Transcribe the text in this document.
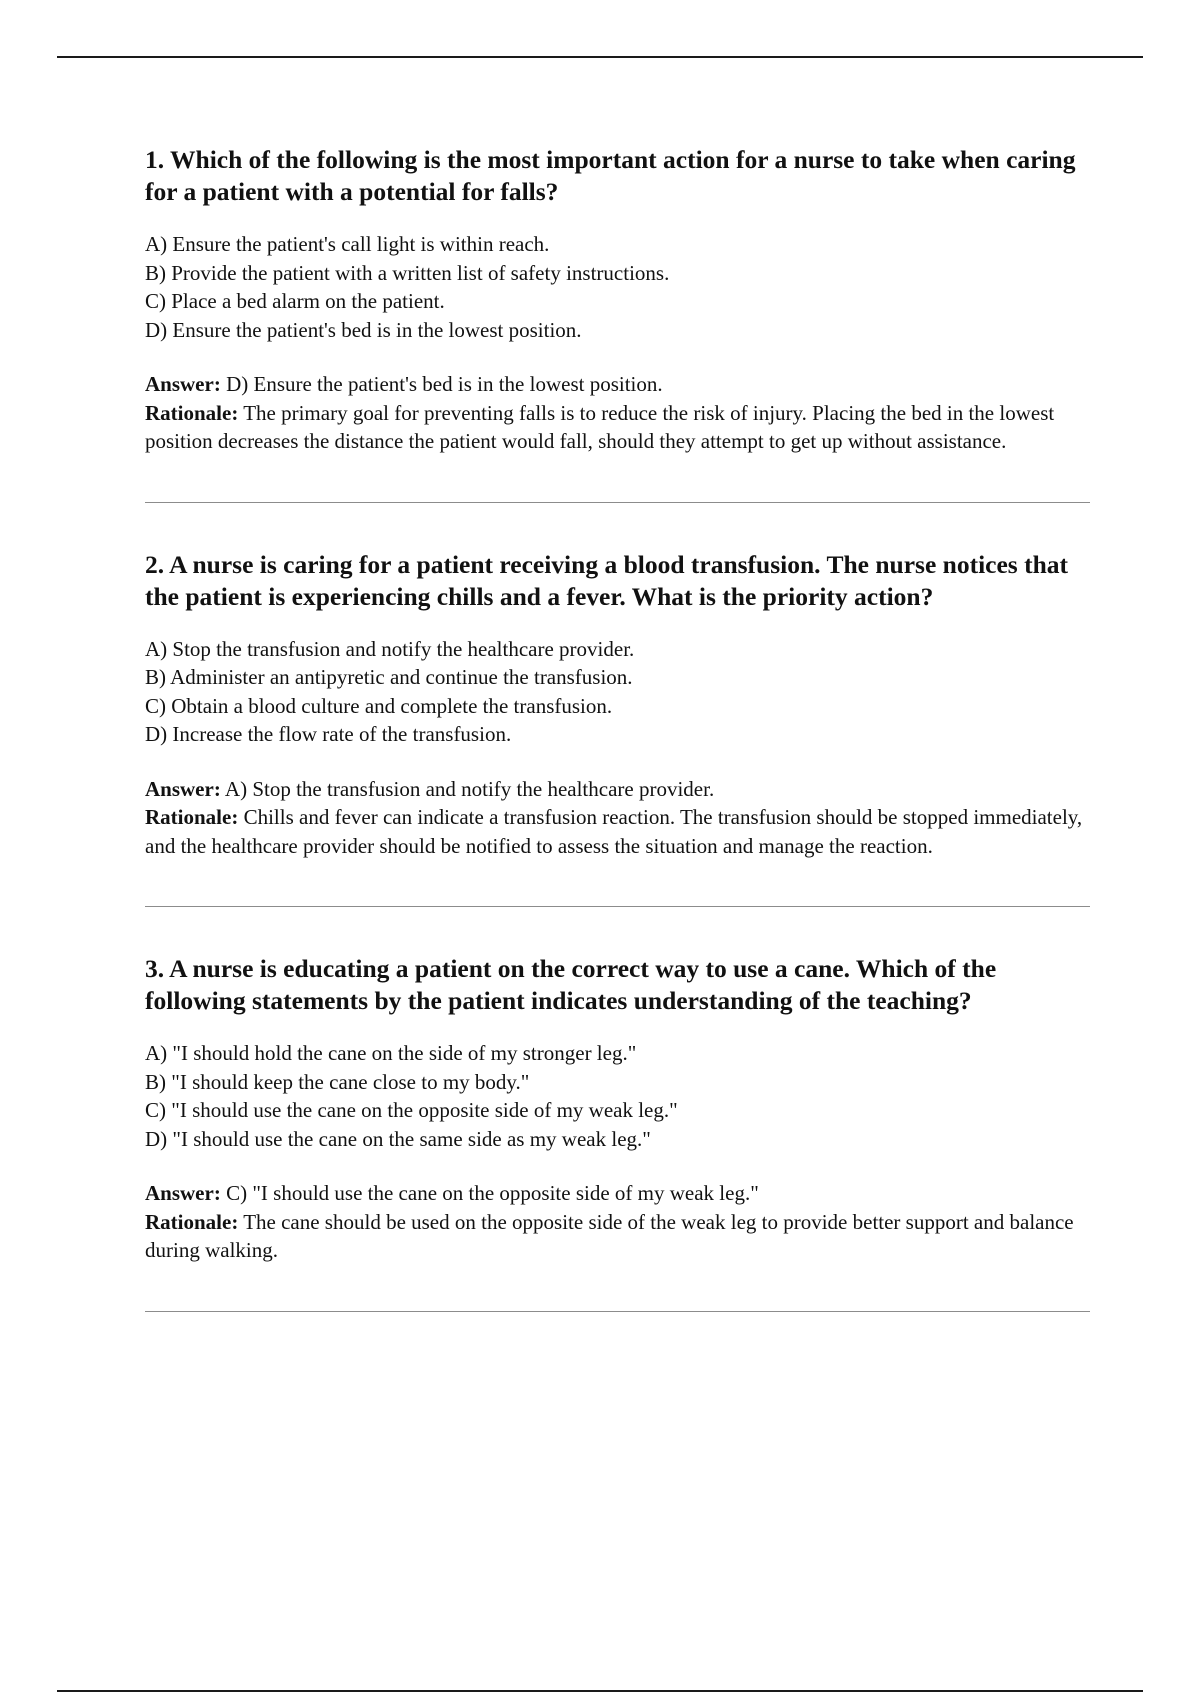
1. Which of the following is the most important action for a nurse to take when caring for a patient with a potential for falls?

A) Ensure the patient's call light is within reach.
B) Provide the patient with a written list of safety instructions.
C) Place a bed alarm on the patient.
D) Ensure the patient's bed is in the lowest position.
Answer: D) Ensure the patient's bed is in the lowest position.
Rationale: The primary goal for preventing falls is to reduce the risk of injury. Placing the bed in the lowest position decreases the distance the patient would fall, should they attempt to get up without assistance.

2. A nurse is caring for a patient receiving a blood transfusion. The nurse notices that the patient is experiencing chills and a fever. What is the priority action?

A) Stop the transfusion and notify the healthcare provider.
B) Administer an antipyretic and continue the transfusion.
C) Obtain a blood culture and complete the transfusion.
D) Increase the flow rate of the transfusion.
Answer: A) Stop the transfusion and notify the healthcare provider.
Rationale: Chills and fever can indicate a transfusion reaction. The transfusion should be stopped immediately, and the healthcare provider should be notified to assess the situation and manage the reaction.

3. A nurse is educating a patient on the correct way to use a cane. Which of the following statements by the patient indicates understanding of the teaching?

A) "I should hold the cane on the side of my stronger leg."
B) "I should keep the cane close to my body."
C) "I should use the cane on the opposite side of my weak leg."
D) "I should use the cane on the same side as my weak leg."
Answer: C) "I should use the cane on the opposite side of my weak leg."
Rationale: The cane should be used on the opposite side of the weak leg to provide better support and balance during walking.
